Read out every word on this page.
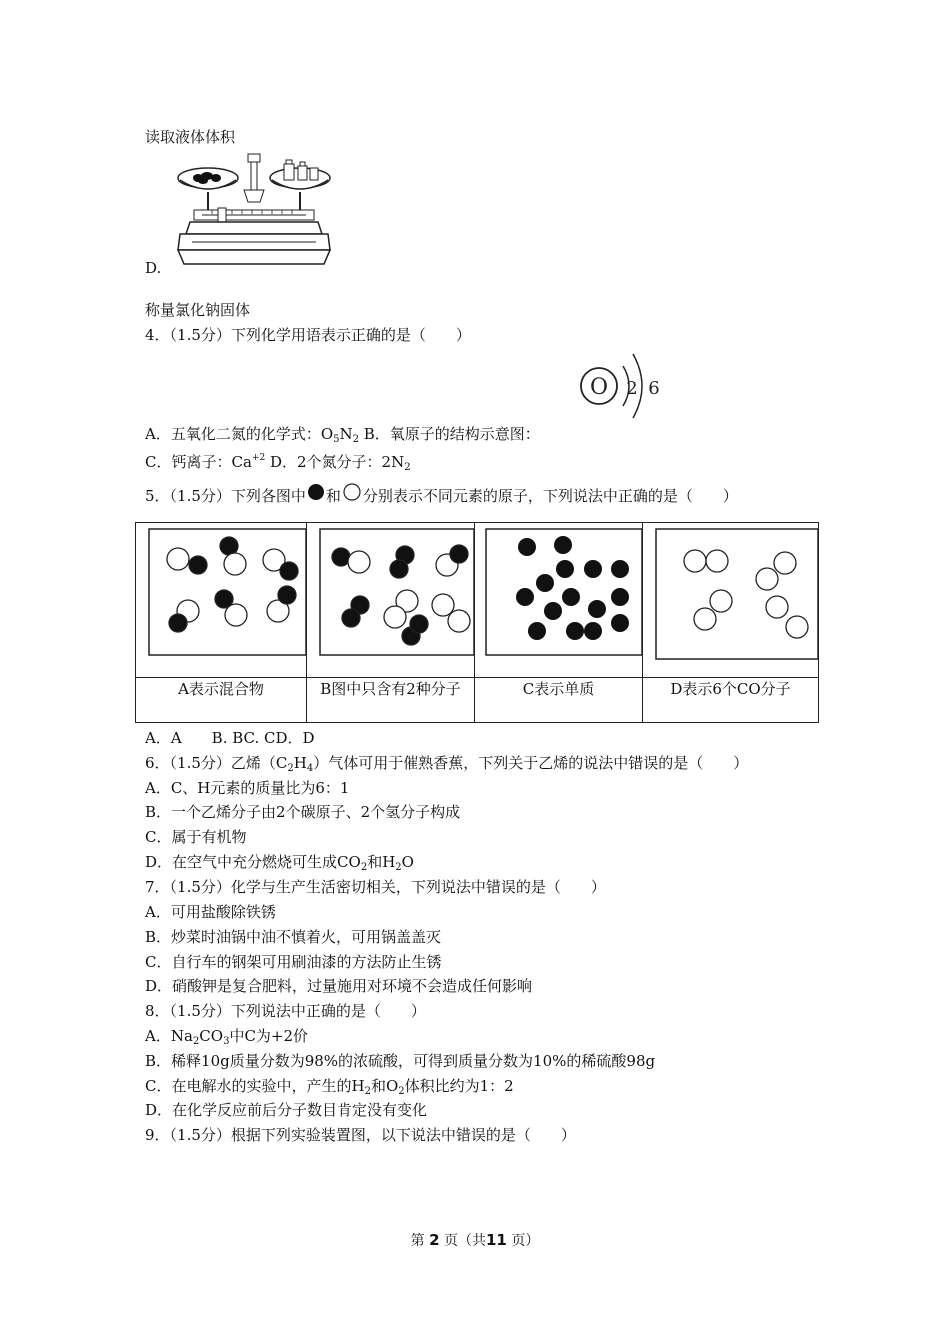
读取液体体积
D.
称量氯化钠固体
4．（1.5分）下列化学用语表示正确的是（　　）
O 2 6
A．五氧化二氮的化学式：$O_5N_2$ B．氧原子的结构示意图：
C．钙离子：$Ca^{+2}$ D．2个氮分子：$2N_2$
5．（1.5分）下列各图中 和 分别表示不同元素的原子，下列说法中正确的是（　　）

A表示混合物	B图中只含有2种分子	C表示单质	D表示6个CO分子
A．A　　B. BC. CD．D
6．（1.5分）乙烯$(C_2H_4)$气体可用于催熟香蕉，下列关于乙烯的说法中错误的是（　　）
A．C、H元素的质量比为6：1
B．一个乙烯分子由2个碳原子、2个氢分子构成
C．属于有机物
D．在空气中充分燃烧可生成$CO_2$和$H_2O$
7．（1.5分）化学与生产生活密切相关，下列说法中错误的是（　　）
A．可用盐酸除铁锈
B．炒菜时油锅中油不慎着火，可用锅盖盖灭
C．自行车的钢架可用刷油漆的方法防止生锈
D．硝酸钾是复合肥料，过量施用对环境不会造成任何影响
8．（1.5分）下列说法中正确的是（　　）
A．$Na_2CO_3$中C为+2价
B．稀释10g质量分数为98%的浓硫酸，可得到质量分数为10%的稀硫酸98g
C．在电解水的实验中，产生的$H_2$和$O_2$体积比约为1：2
D．在化学反应前后分子数目肯定没有变化
9．（1.5分）根据下列实验装置图，以下说法中错误的是（　　）
第 2 页（共11 页）
